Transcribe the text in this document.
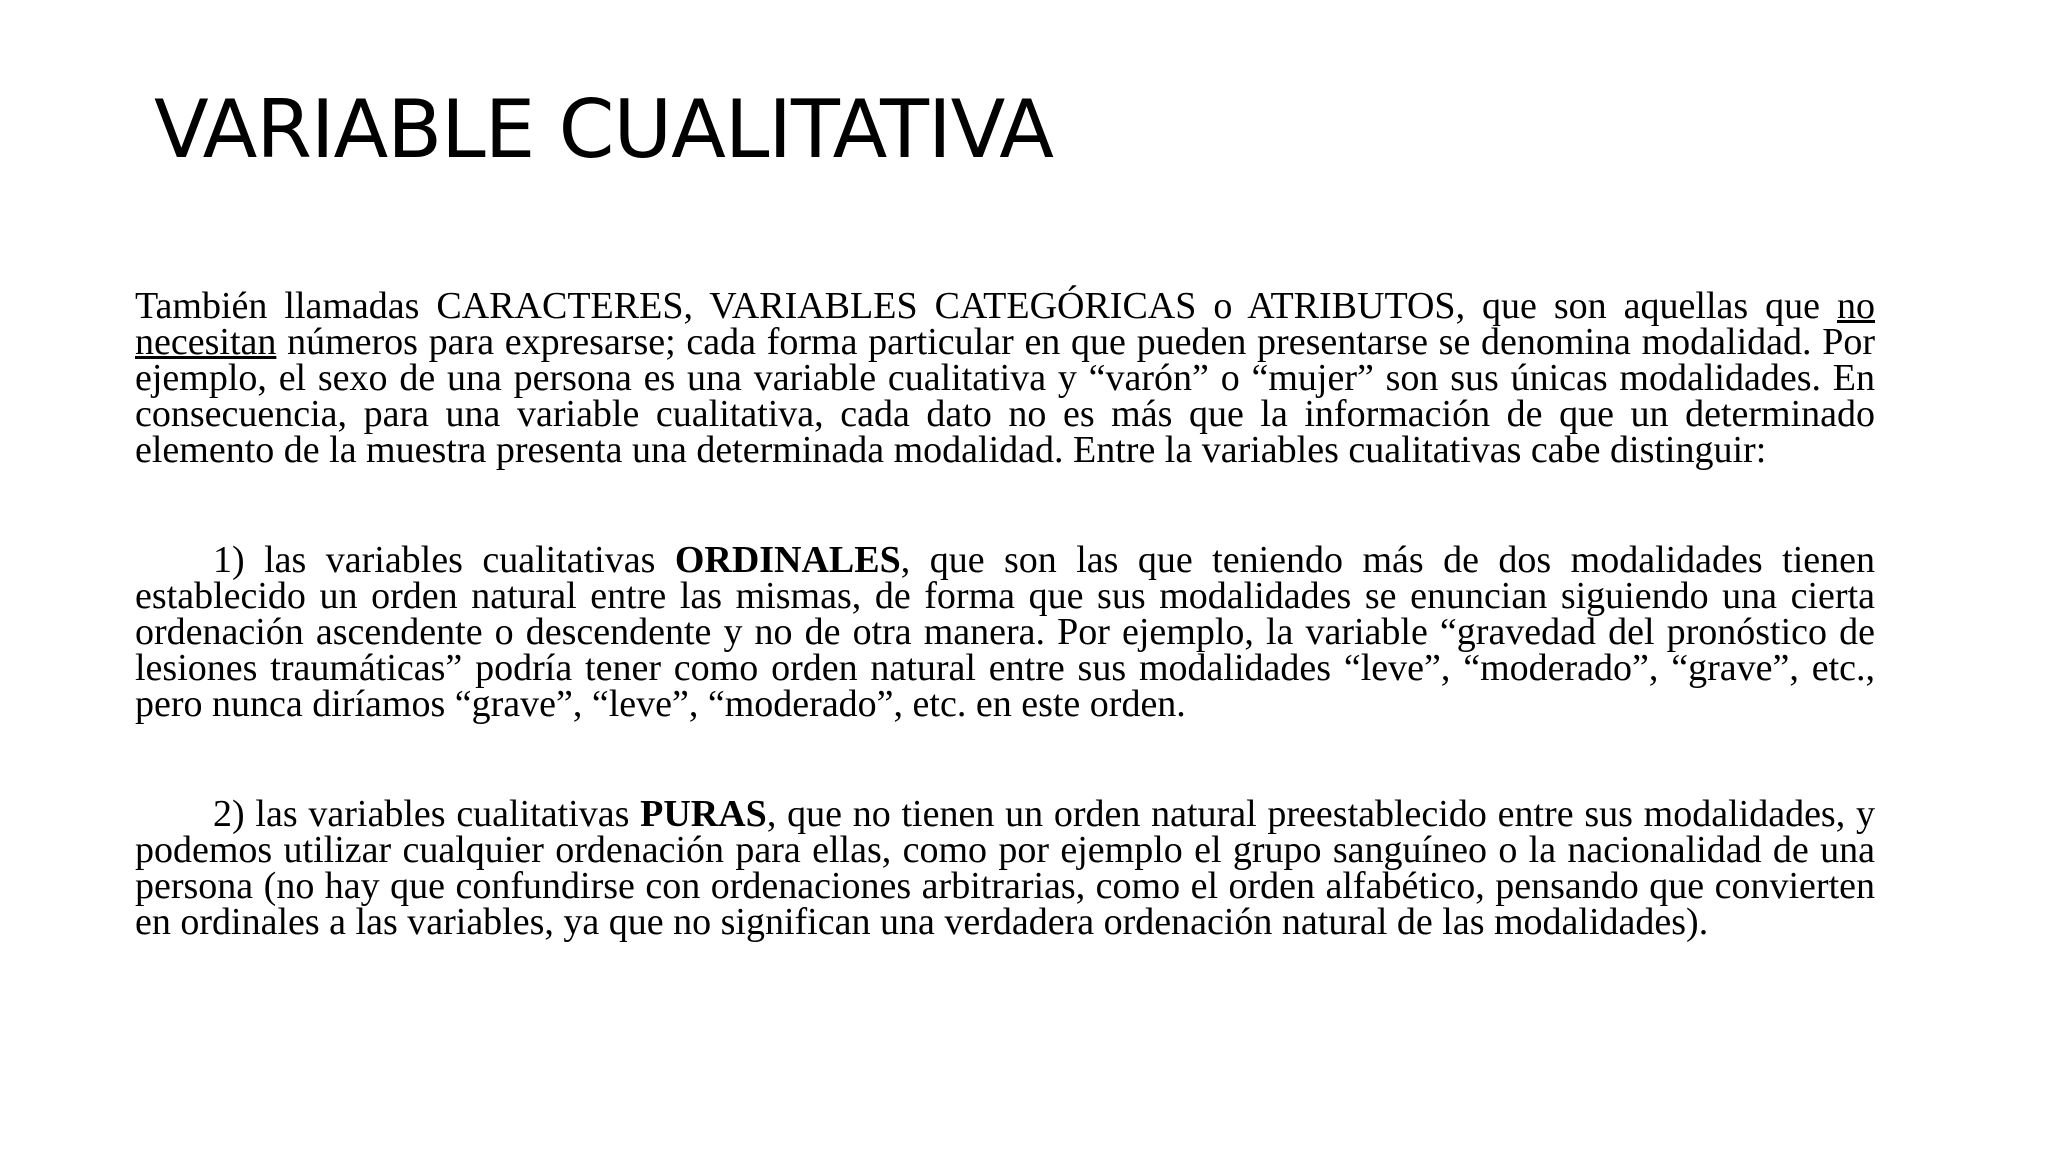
VARIABLE CUALITATIVA

También llamadas CARACTERES, VARIABLES CATEGÓRICAS o ATRIBUTOS, que son aquellas que no necesitan números para expresarse; cada forma particular en que pueden presentarse se denomina modalidad. Por ejemplo, el sexo de una persona es una variable cualitativa y “varón” o “mujer” son sus únicas modalidades. En consecuencia, para una variable cualitativa, cada dato no es más que la información de que un determinado elemento de la muestra presenta una determinada modalidad. Entre la variables cualitativas cabe distinguir:

1) las variables cualitativas ORDINALES, que son las que teniendo más de dos modalidades tienen establecido un orden natural entre las mismas, de forma que sus modalidades se enuncian siguiendo una cierta ordenación ascendente o descendente y no de otra manera. Por ejemplo, la variable “gravedad del pronóstico de lesiones traumáticas” podría tener como orden natural entre sus modalidades “leve”, “moderado”, “grave”, etc., pero nunca diríamos “grave”, “leve”, “moderado”, etc. en este orden.

2) las variables cualitativas PURAS, que no tienen un orden natural preestablecido entre sus modalidades, y podemos utilizar cualquier ordenación para ellas, como por ejemplo el grupo sanguíneo o la nacionalidad de una persona (no hay que confundirse con ordenaciones arbitrarias, como el orden alfabético, pensando que convierten en ordinales a las variables, ya que no significan una verdadera ordenación natural de las modalidades).
